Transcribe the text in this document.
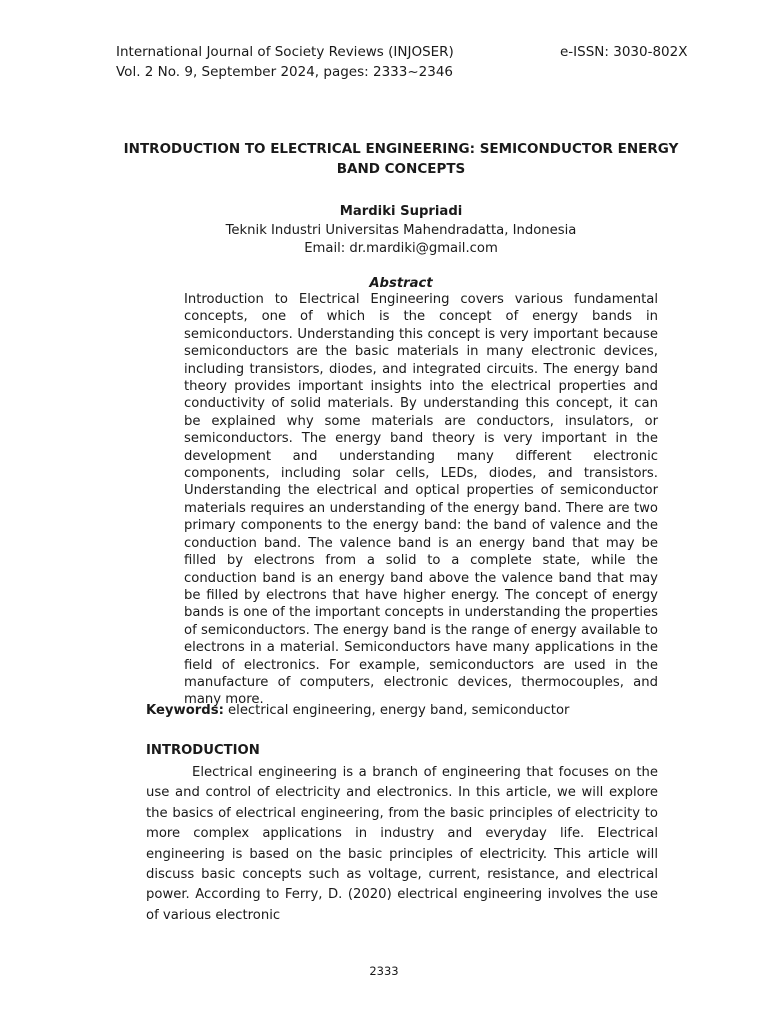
International Journal of Society Reviews (INJOSER)
Vol. 2 No. 9, September 2024, pages: 2333~2346
e-ISSN: 3030-802X
INTRODUCTION TO ELECTRICAL ENGINEERING: SEMICONDUCTOR ENERGY BAND CONCEPTS
Mardiki Supriadi
Teknik Industri Universitas Mahendradatta, Indonesia
Email: dr.mardiki@gmail.com
Abstract
Introduction to Electrical Engineering covers various fundamental concepts, one of which is the concept of energy bands in semiconductors. Understanding this concept is very important because semiconductors are the basic materials in many electronic devices, including transistors, diodes, and integrated circuits. The energy band theory provides important insights into the electrical properties and conductivity of solid materials. By understanding this concept, it can be explained why some materials are conductors, insulators, or semiconductors. The energy band theory is very important in the development and understanding many different electronic components, including solar cells, LEDs, diodes, and transistors. Understanding the electrical and optical properties of semiconductor materials requires an understanding of the energy band. There are two primary components to the energy band: the band of valence and the conduction band. The valence band is an energy band that may be filled by electrons from a solid to a complete state, while the conduction band is an energy band above the valence band that may be filled by electrons that have higher energy. The concept of energy bands is one of the important concepts in understanding the properties of semiconductors. The energy band is the range of energy available to electrons in a material. Semiconductors have many applications in the field of electronics. For example, semiconductors are used in the manufacture of computers, electronic devices, thermocouples, and many more.
Keywords: electrical engineering, energy band, semiconductor
INTRODUCTION
Electrical engineering is a branch of engineering that focuses on the use and control of electricity and electronics. In this article, we will explore the basics of electrical engineering, from the basic principles of electricity to more complex applications in industry and everyday life. Electrical engineering is based on the basic principles of electricity. This article will discuss basic concepts such as voltage, current, resistance, and electrical power. According to Ferry, D. (2020) electrical engineering involves the use of various electronic
2333
